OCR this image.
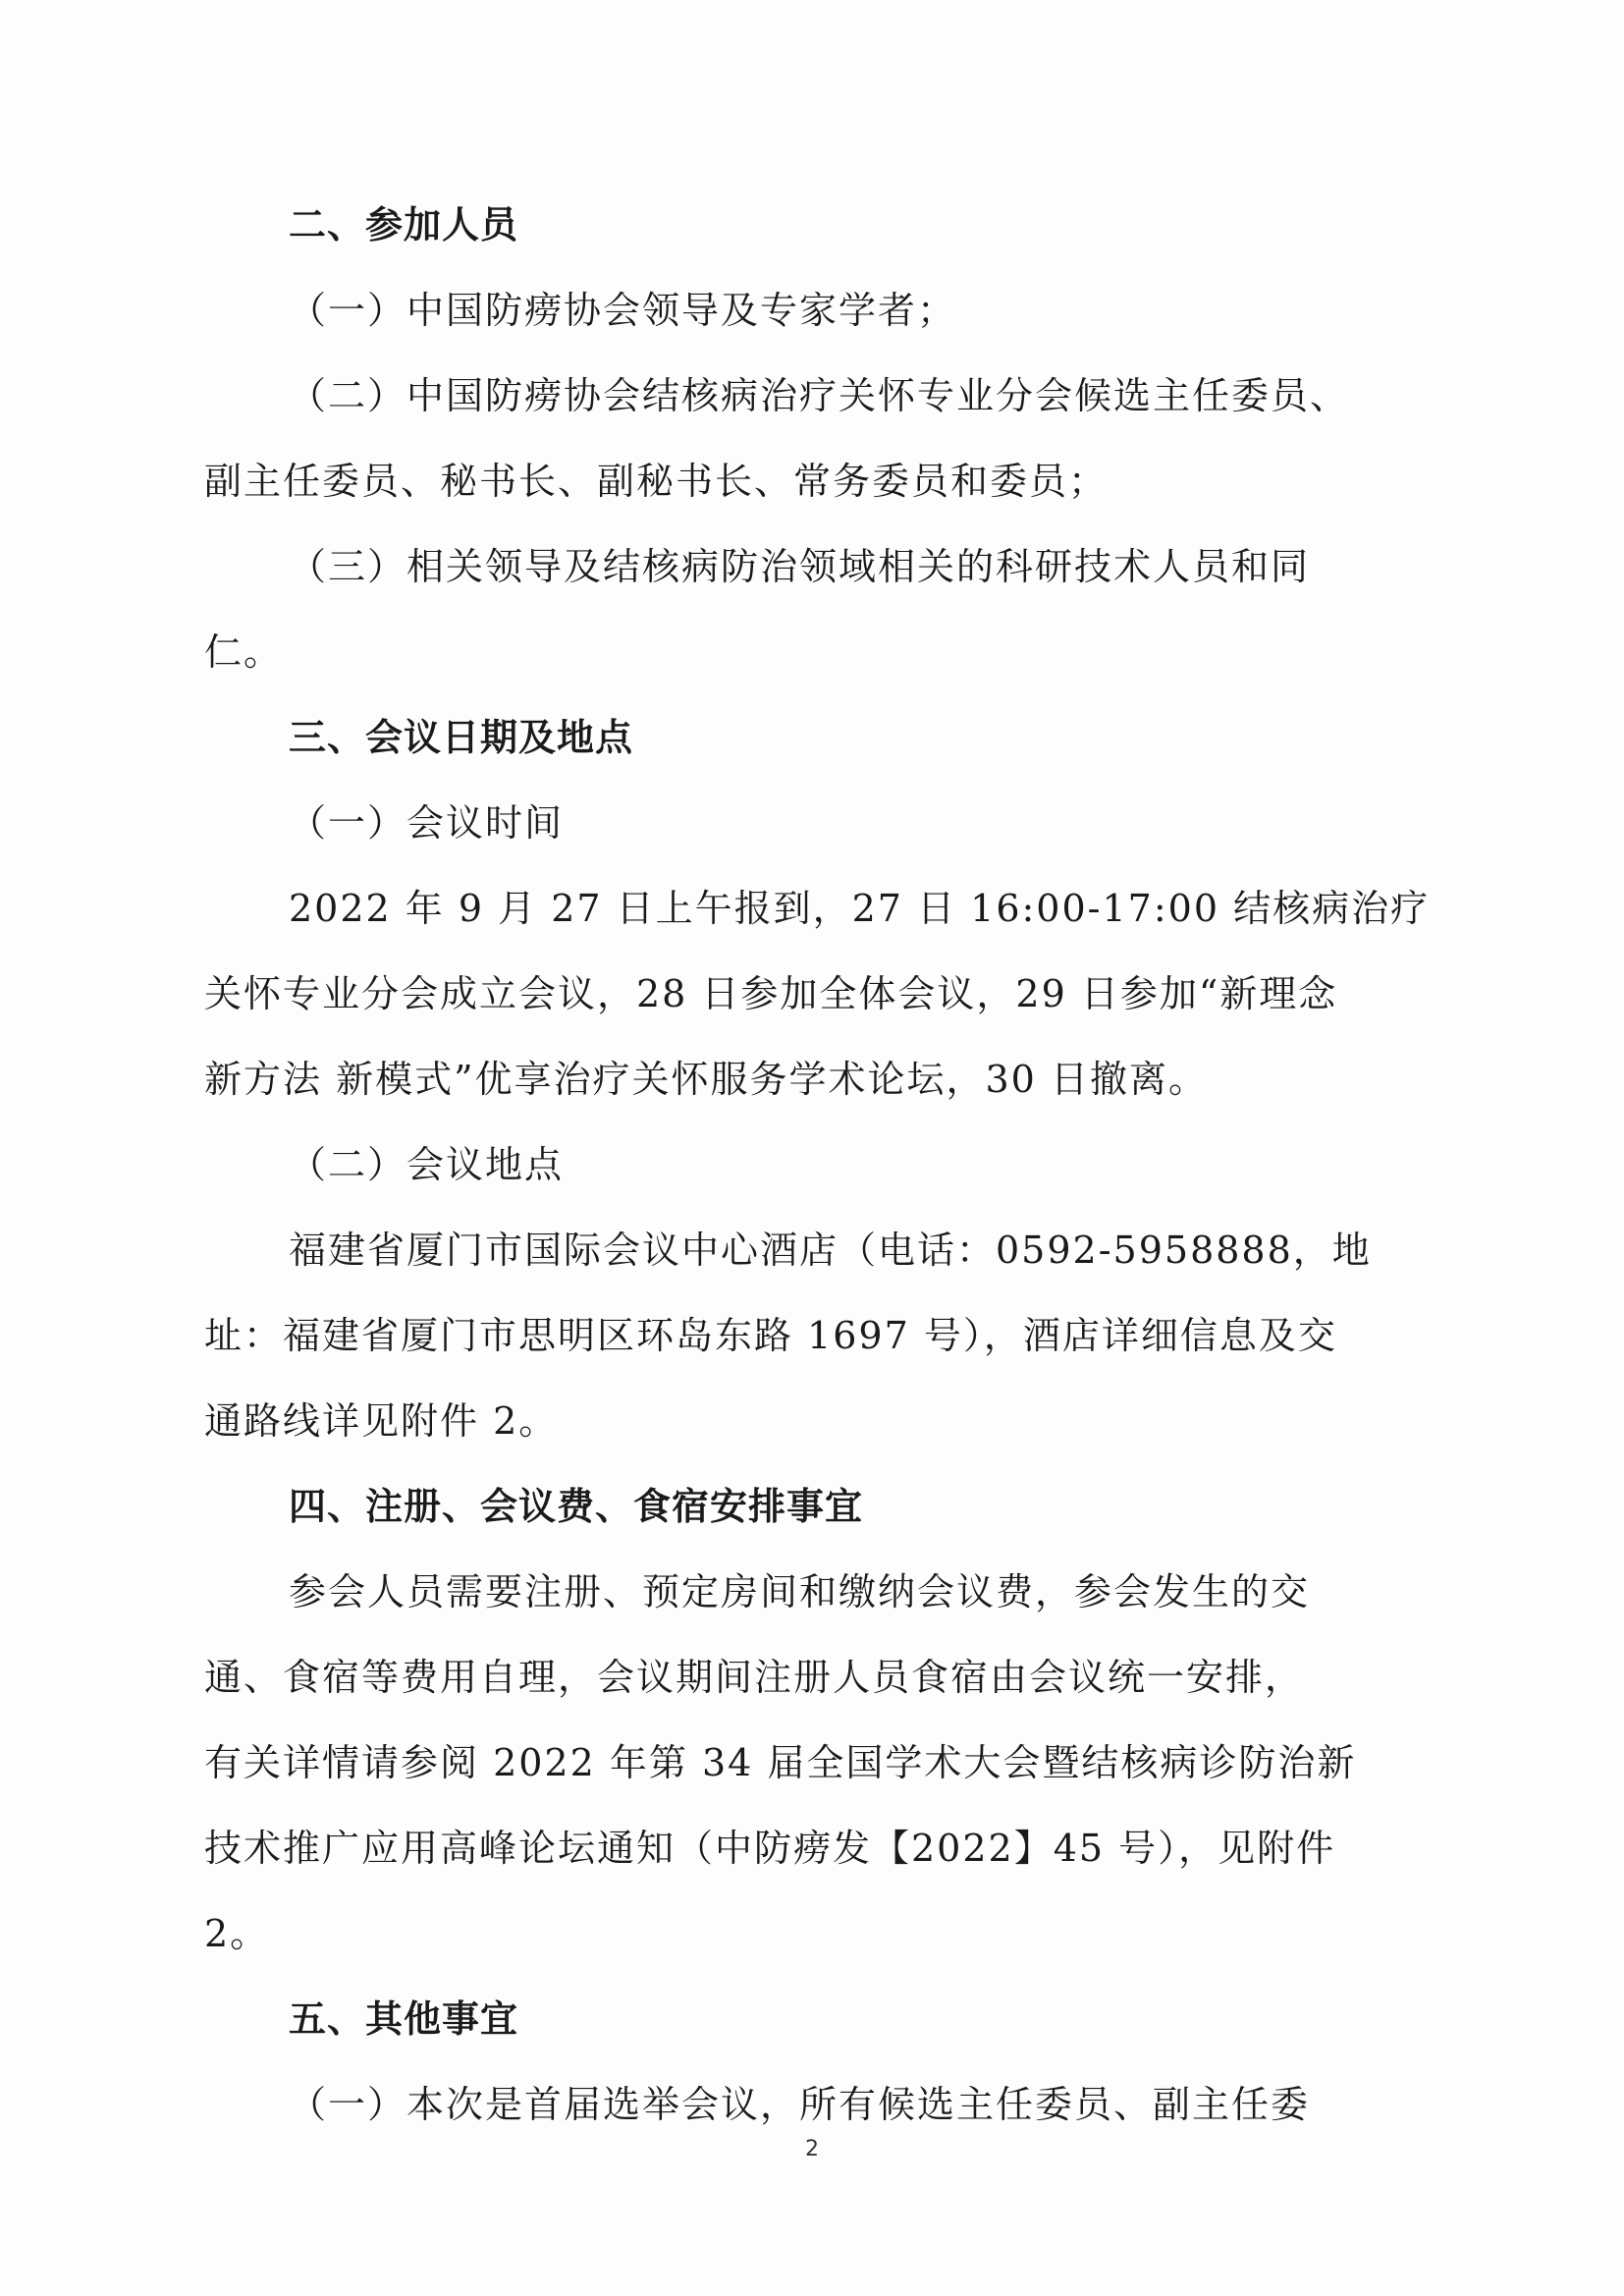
二、参加人员
（一）中国防痨协会领导及专家学者；
（二）中国防痨协会结核病治疗关怀专业分会候选主任委员、
副主任委员、秘书长、副秘书长、常务委员和委员；
（三）相关领导及结核病防治领域相关的科研技术人员和同
仁。
三、会议日期及地点
（一）会议时间
2022 年 9 月 27 日上午报到，27 日 16:00-17:00 结核病治疗
关怀专业分会成立会议，28 日参加全体会议，29 日参加“新理念
新方法 新模式”优享治疗关怀服务学术论坛，30 日撤离。
（二）会议地点
福建省厦门市国际会议中心酒店（电话：0592-5958888，地
址：福建省厦门市思明区环岛东路 1697 号），酒店详细信息及交
通路线详见附件 2。
四、注册、会议费、食宿安排事宜
参会人员需要注册、预定房间和缴纳会议费，参会发生的交
通、食宿等费用自理，会议期间注册人员食宿由会议统一安排，
有关详情请参阅 2022 年第 34 届全国学术大会暨结核病诊防治新
技术推广应用高峰论坛通知（中防痨发【2022】45 号），见附件
2。
五、其他事宜
（一）本次是首届选举会议，所有候选主任委员、副主任委
2
